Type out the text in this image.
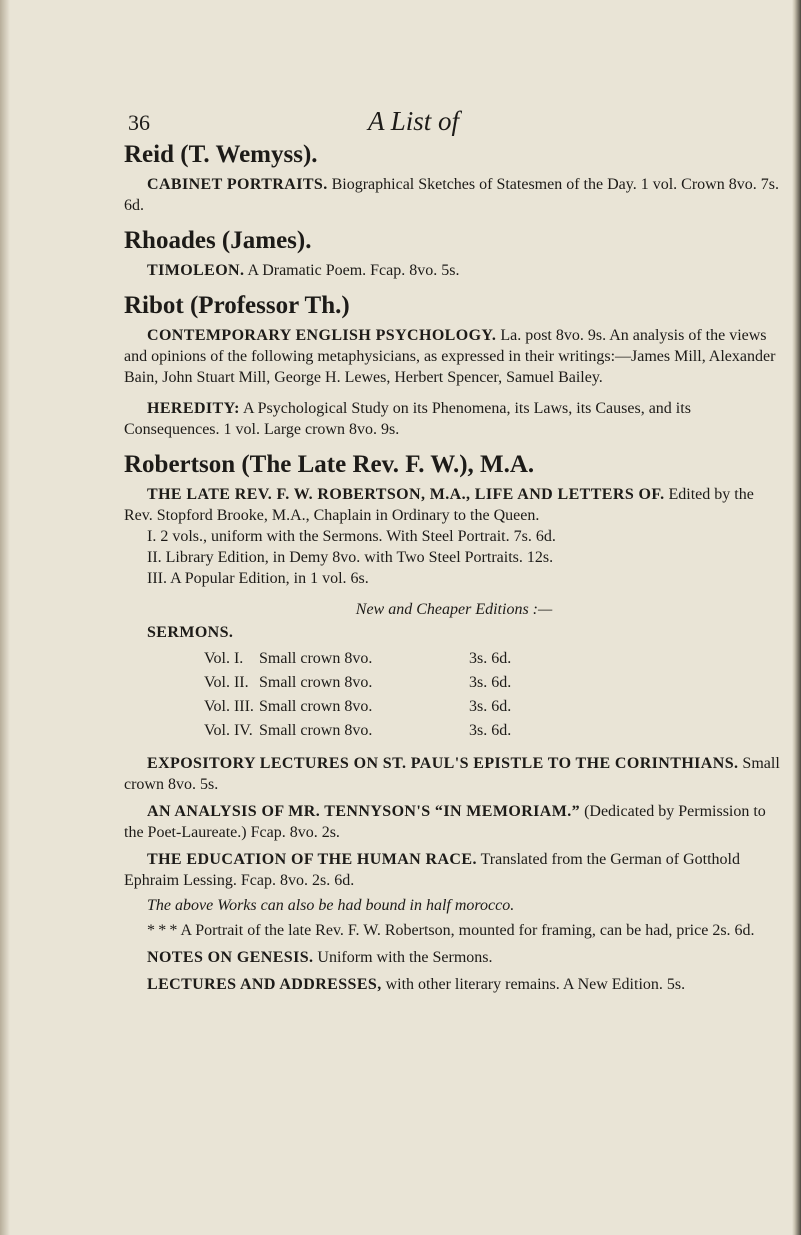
36	A List of
Reid (T. Wemyss).

CABINET PORTRAITS. Biographical Sketches of Statesmen of the Day. 1 vol. Crown 8vo. 7s. 6d.

Rhoades (James).

TIMOLEON. A Dramatic Poem. Fcap. 8vo. 5s.

Ribot (Professor Th.)

CONTEMPORARY ENGLISH PSYCHOLOGY. La. post 8vo. 9s. An analysis of the views and opinions of the following metaphysicians, as expressed in their writings:—James Mill, Alexander Bain, John Stuart Mill, George H. Lewes, Herbert Spencer, Samuel Bailey.

HEREDITY: A Psychological Study on its Phenomena, its Laws, its Causes, and its Consequences. 1 vol. Large crown 8vo. 9s.

Robertson (The Late Rev. F. W.), M.A.

THE LATE REV. F. W. ROBERTSON, M.A., LIFE AND LETTERS OF. Edited by the Rev. Stopford Brooke, M.A., Chaplain in Ordinary to the Queen.

I. 2 vols., uniform with the Sermons. With Steel Portrait. 7s. 6d.
II. Library Edition, in Demy 8vo. with Two Steel Portraits. 12s.
III. A Popular Edition, in 1 vol. 6s.

New and Cheaper Editions :—

SERMONS.

Vol. I. Small crown 8vo.	3s. 6d.
Vol. II. Small crown 8vo.	3s. 6d.
Vol. III. Small crown 8vo.	3s. 6d.
Vol. IV. Small crown 8vo.	3s. 6d.

EXPOSITORY LECTURES ON ST. PAUL'S EPISTLE TO THE CORINTHIANS. Small crown 8vo. 5s.

AN ANALYSIS OF MR. TENNYSON'S “IN MEMORIAM.” (Dedicated by Permission to the Poet-Laureate.) Fcap. 8vo. 2s.

THE EDUCATION OF THE HUMAN RACE. Translated from the German of Gotthold Ephraim Lessing. Fcap. 8vo. 2s. 6d.

The above Works can also be had bound in half morocco.

* * * A Portrait of the late Rev. F. W. Robertson, mounted for framing, can be had, price 2s. 6d.

NOTES ON GENESIS. Uniform with the Sermons.

LECTURES AND ADDRESSES, with other literary remains. A New Edition. 5s.
